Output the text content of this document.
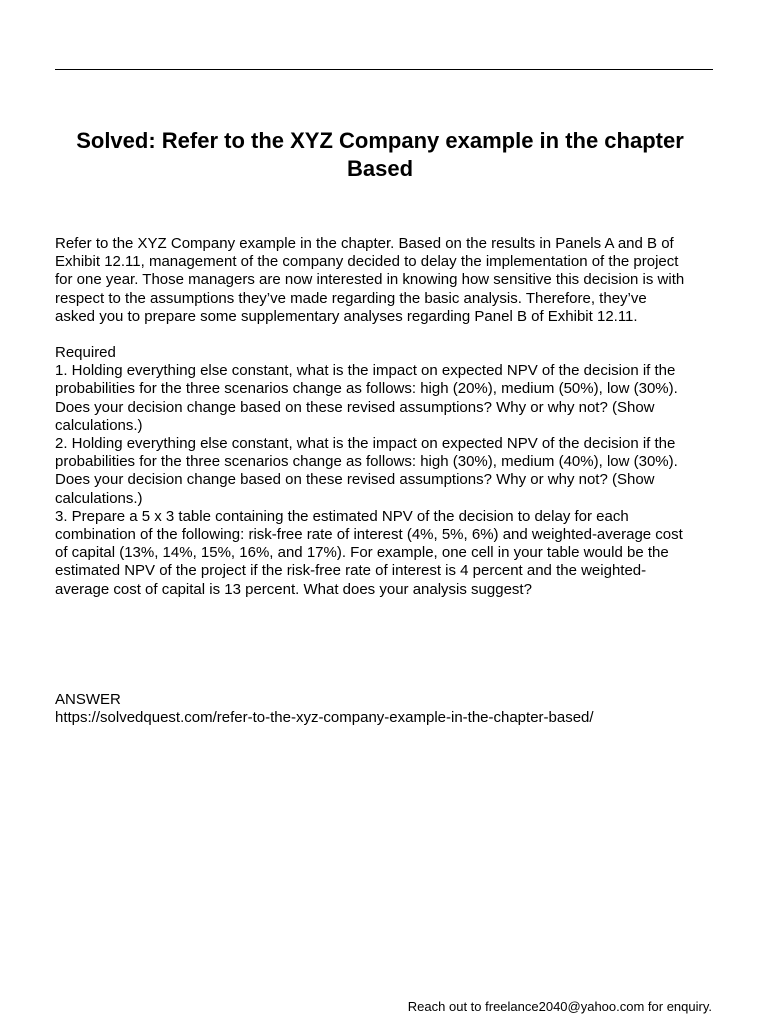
Solved: Refer to the XYZ Company example in the chapter
Based

Refer to the XYZ Company example in the chapter. Based on the results in Panels A and B of
Exhibit 12.11, management of the company decided to delay the implementation of the project
for one year. Those managers are now interested in knowing how sensitive this decision is with
respect to the assumptions they’ve made regarding the basic analysis. Therefore, they’ve
asked you to prepare some supplementary analyses regarding Panel B of Exhibit 12.11.

Required
1. Holding everything else constant, what is the impact on expected NPV of the decision if the
probabilities for the three scenarios change as follows: high (20%), medium (50%), low (30%).
Does your decision change based on these revised assumptions? Why or why not? (Show
calculations.)
2. Holding everything else constant, what is the impact on expected NPV of the decision if the
probabilities for the three scenarios change as follows: high (30%), medium (40%), low (30%).
Does your decision change based on these revised assumptions? Why or why not? (Show
calculations.)
3. Prepare a 5 x 3 table containing the estimated NPV of the decision to delay for each
combination of the following: risk-free rate of interest (4%, 5%, 6%) and weighted-average cost
of capital (13%, 14%, 15%, 16%, and 17%). For example, one cell in your table would be the
estimated NPV of the project if the risk-free rate of interest is 4 percent and the weighted-
average cost of capital is 13 percent. What does your analysis suggest?

ANSWER

https://solvedquest.com/refer-to-the-xyz-company-example-in-the-chapter-based/

Reach out to freelance2040@yahoo.com for enquiry.
